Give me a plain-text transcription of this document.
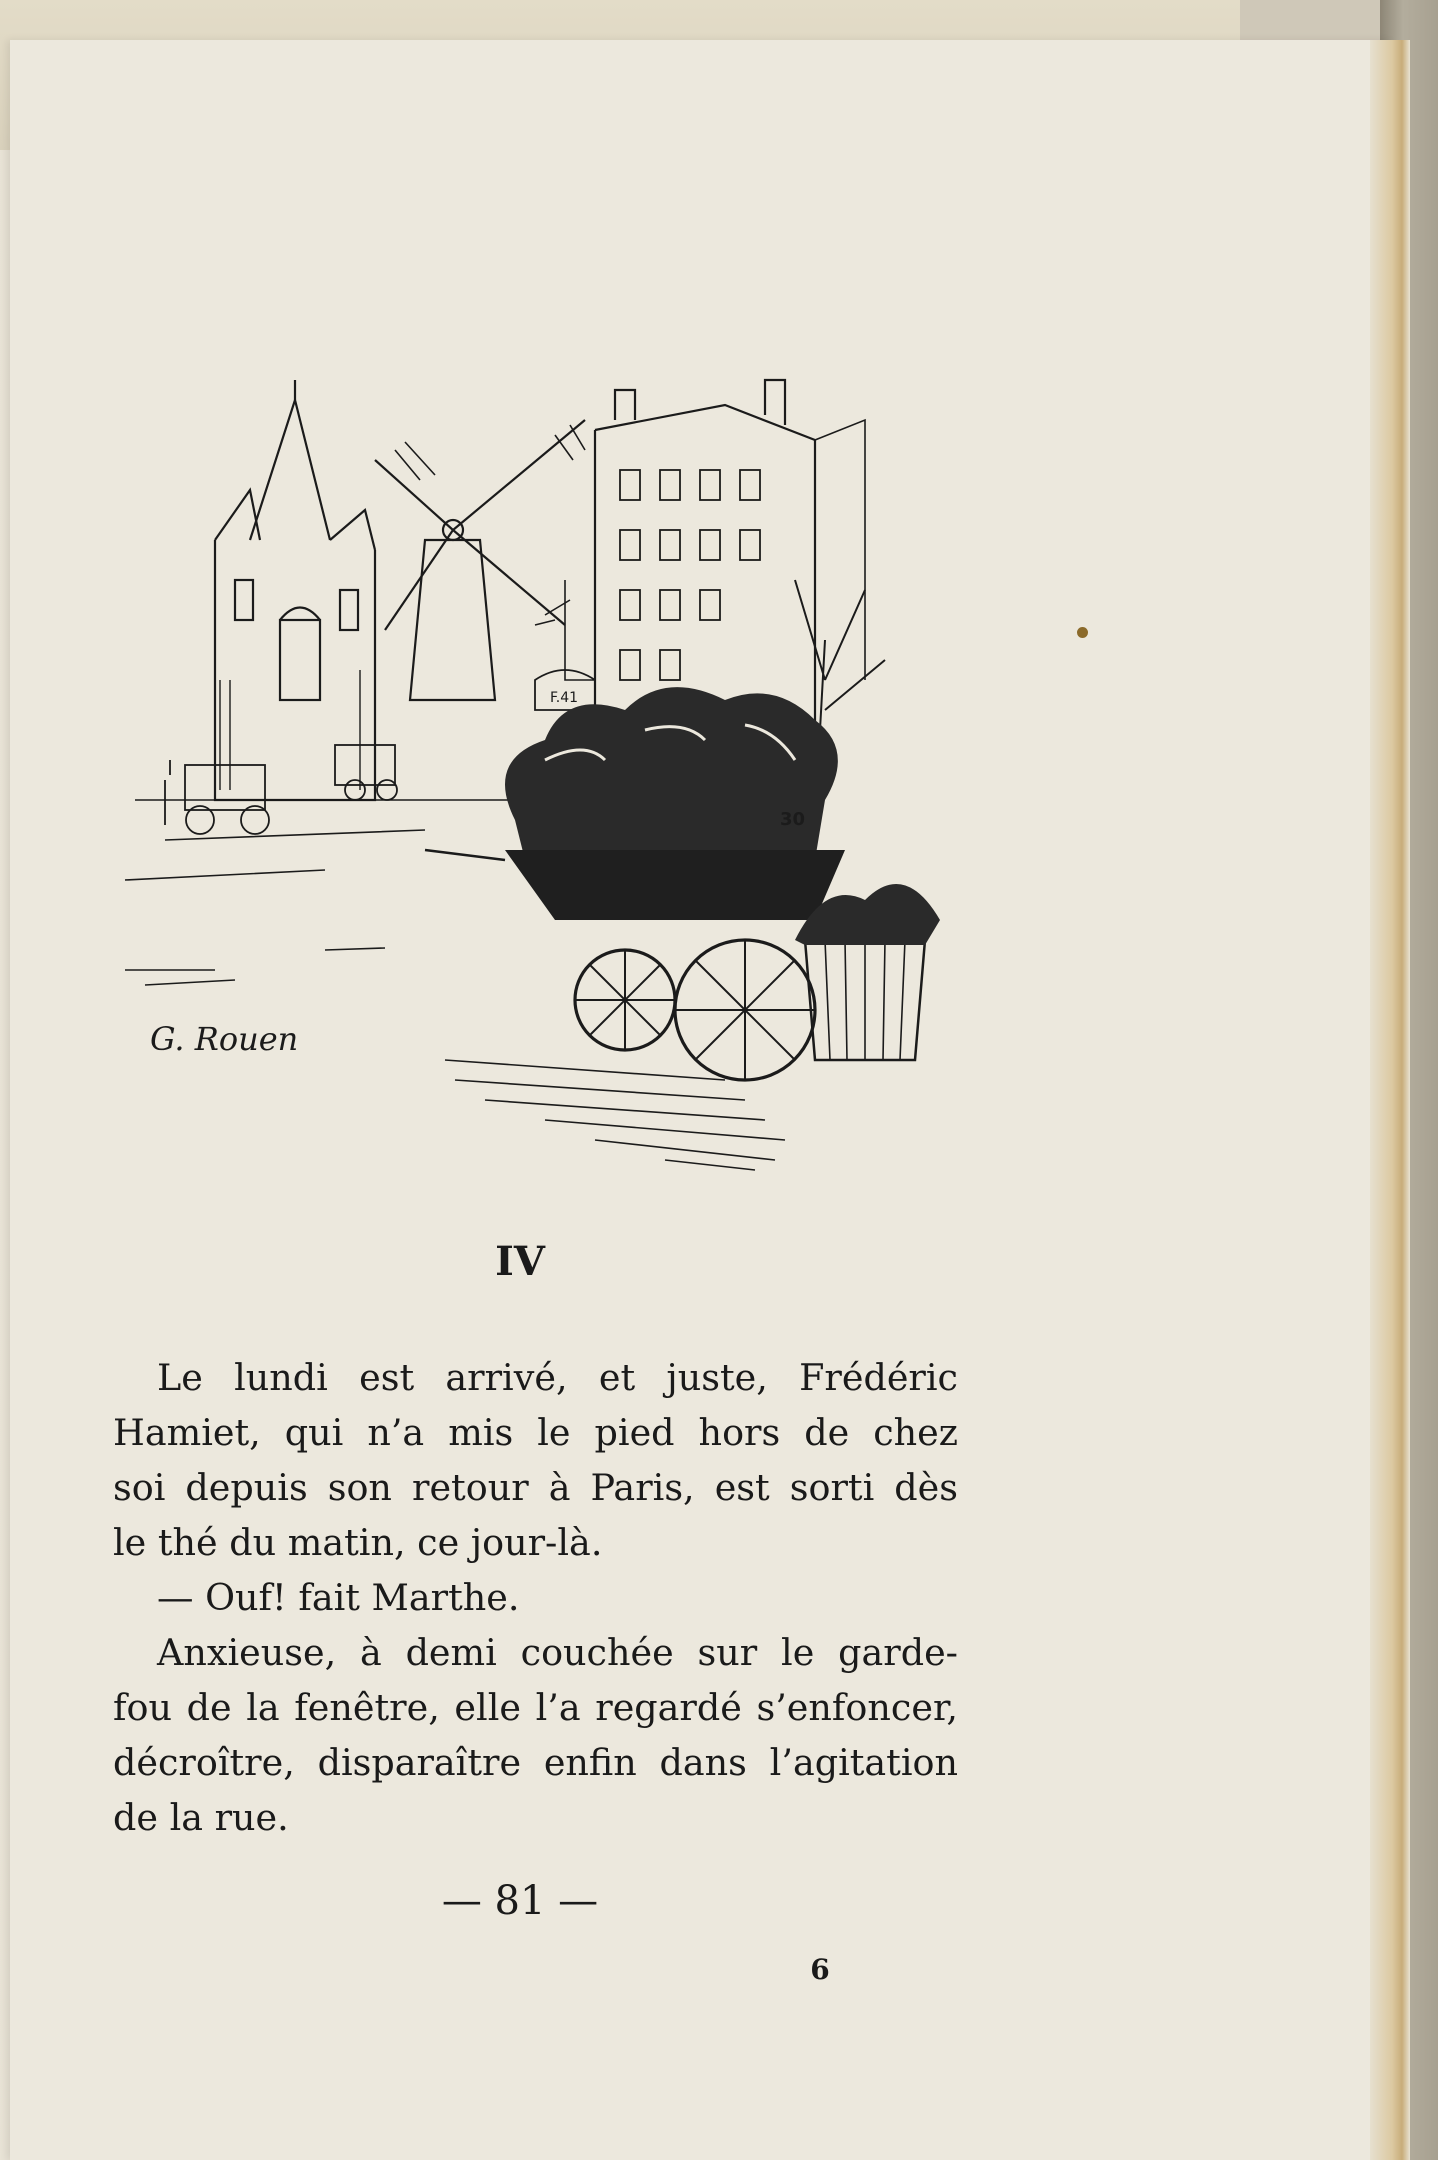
F.41
30
G. Rouen
IV

Le lundi est arrivé, et juste, Frédéric

Hamiet, qui n’a mis le pied hors de chez

soi depuis son retour à Paris, est sorti dès

le thé du matin, ce jour-là.

— Ouf! fait Marthe.

Anxieuse, à demi couchée sur le garde-

fou de la fenêtre, elle l’a regardé s’enfoncer,

décroître, disparaître enfin dans l’agitation

de la rue.

— 81 —
6
